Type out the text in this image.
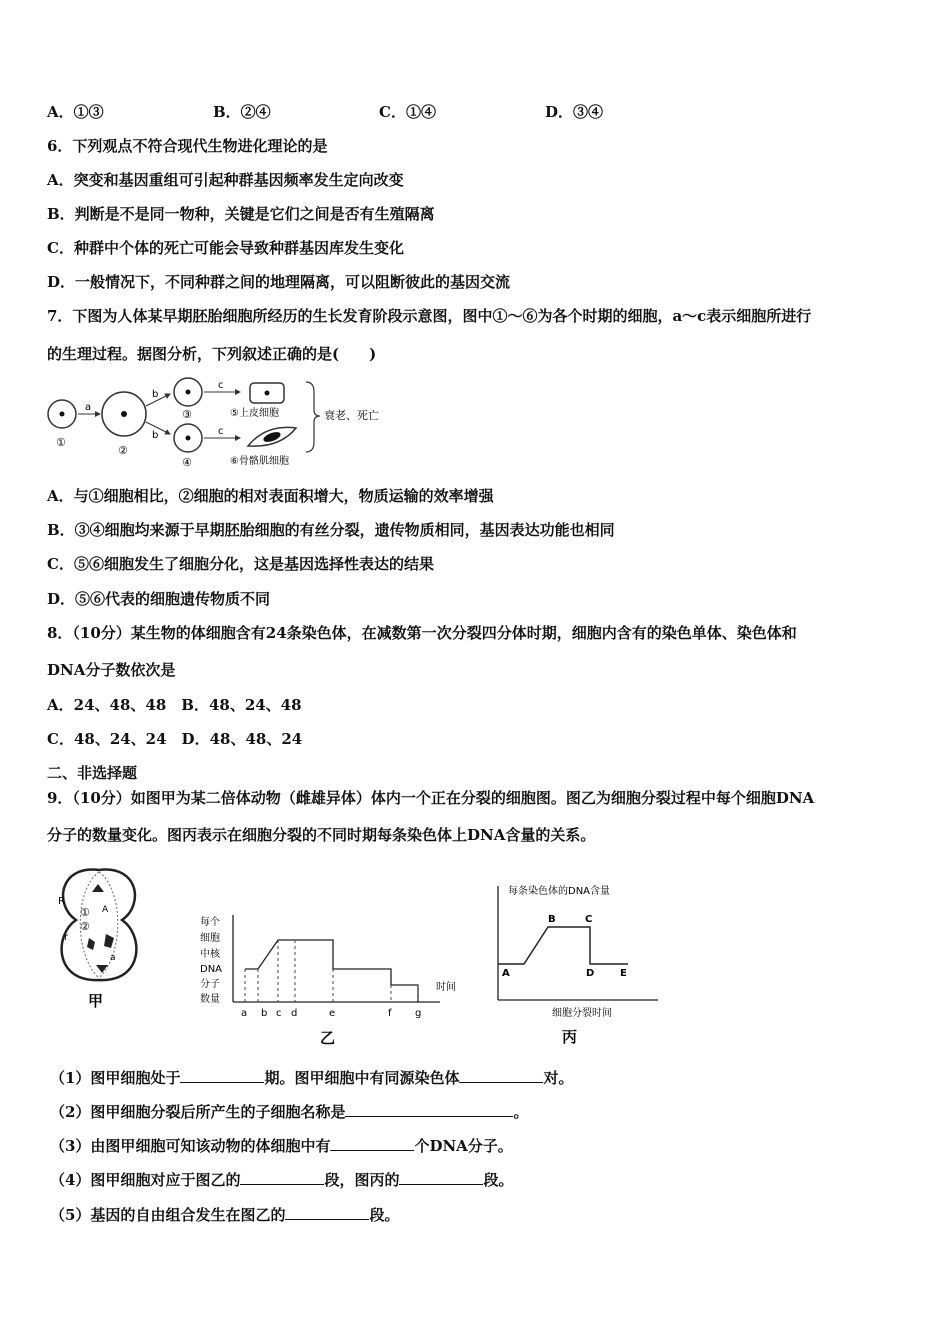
A．①③	B．②④	C．①④	D．③④
6．下列观点不符合现代生物进化理论的是
A．突变和基因重组可引起种群基因频率发生定向改变
B．判断是不是同一物种，关键是它们之间是否有生殖隔离
C．种群中个体的死亡可能会导致种群基因库发生变化
D．一般情况下，不同种群之间的地理隔离，可以阻断彼此的基因交流
7．下图为人体某早期胚胎细胞所经历的生长发育阶段示意图，图中①～⑥为各个时期的细胞，a～c表示细胞所进行
的生理过程。据图分析，下列叙述正确的是(　　)
①
a
②
b
b
③
④
c
c
⑤上皮细胞
⑥骨骼肌细胞
衰老、死亡
A．与①细胞相比，②细胞的相对表面积增大，物质运输的效率增强
B．③④细胞均来源于早期胚胎细胞的有丝分裂，遗传物质相同，基因表达功能也相同
C．⑤⑥细胞发生了细胞分化，这是基因选择性表达的结果
D．⑤⑥代表的细胞遗传物质不同
8．（10分）某生物的体细胞含有24条染色体，在减数第一次分裂四分体时期，细胞内含有的染色单体、染色体和
DNA分子数依次是
A．24、48、48　B．48、24、48
C．48、24、24　D．48、48、24
二、非选择题
9．（10分）如图甲为某二倍体动物（雌雄异体）体内一个正在分裂的细胞图。图乙为细胞分裂过程中每个细胞DNA
分子的数量变化。图丙表示在细胞分裂的不同时期每条染色体上DNA含量的关系。
R
r
①
②
A
a
甲
每个
细胞
中核
DNA
分子
数量
a b c d	e	f g
时间
乙
每条染色体的DNA含量
A
B	C
D	E
细胞分裂时间
丙
（1）图甲细胞处于	期。图甲细胞中有同源染色体	对。
（2）图甲细胞分裂后所产生的子细胞名称是	。
（3）由图甲细胞可知该动物的体细胞中有	个DNA分子。
（4）图甲细胞对应于图乙的	段，图丙的	段。
（5）基因的自由组合发生在图乙的	段。
